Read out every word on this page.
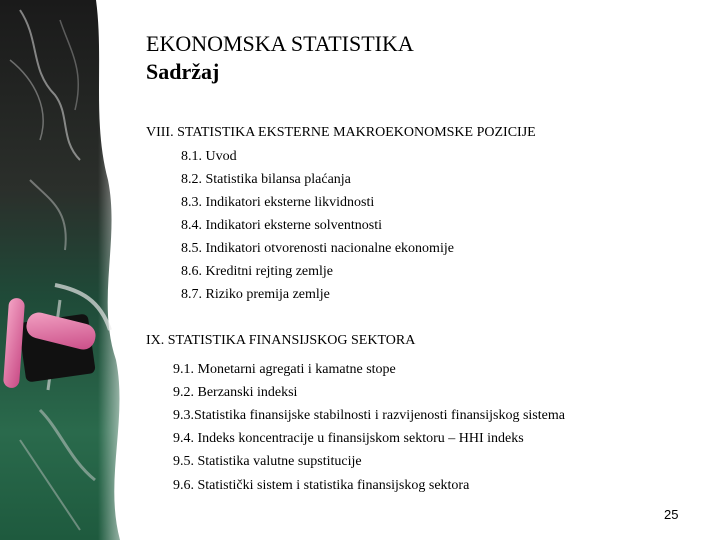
EKONOMSKA STATISTIKA
Sadržaj
VIII. STATISTIKA EKSTERNE MAKROEKONOMSKE POZICIJE
8.1. Uvod
8.2. Statistika bilansa plaćanja
8.3. Indikatori eksterne likvidnosti
8.4. Indikatori eksterne solventnosti
8.5. Indikatori otvorenosti nacionalne ekonomije
8.6. Kreditni rejting zemlje
8.7. Riziko premija zemlje
IX. STATISTIKA FINANSIJSKOG SEKTORA
9.1. Monetarni agregati i kamatne stope
9.2. Berzanski indeksi
9.3.Statistika finansijske stabilnosti i razvijenosti finansijskog sistema
9.4. Indeks koncentracije u finansijskom sektoru – HHI indeks
9.5. Statistika valutne supstitucije
9.6. Statistički sistem i statistika finansijskog sektora
25
